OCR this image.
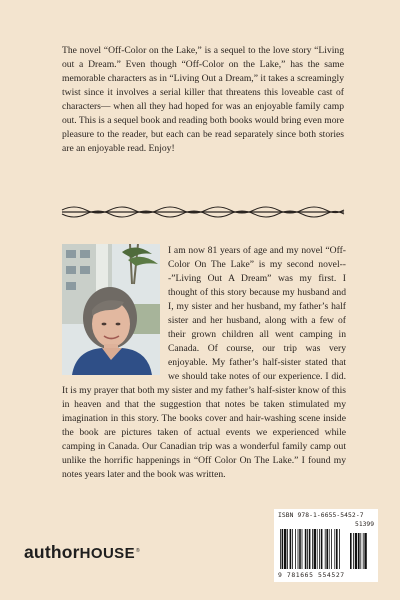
The novel “Off-Color on the Lake,” is a sequel to the love story “Living out a Dream.” Even though “Off-Color on the Lake,” has the same memorable characters as in “Living Out a Dream,” it takes a screamingly twist since it involves a serial killer that threatens this loveable cast of characters— when all they had hoped for was an enjoyable family camp out. This is a sequel book and reading both books would bring even more pleasure to the reader, but each can be read separately since both stories are an enjoyable read. Enjoy!

I am now 81 years of age and my novel “Off-Color On The Lake” is my second novel---”Living Out A Dream” was my first. I thought of this story because my husband and I, my sister and her husband, my father’s half sister and her husband, along with a few of their grown children all went camping in Canada. Of course, our trip was very enjoyable. My father’s half-sister stated that we should take notes of our experience. I did. It is my prayer that both my sister and my father’s half-sister know of this in heaven and that the suggestion that notes be taken stimulated my imagination in this story. The books cover and hair-washing scene inside the book are pictures taken of actual events we experienced while camping in Canada. Our Canadian trip was a wonderful family camp out unlike the horrific happenings in “Off Color On The Lake.” I found my notes years later and the book was written.

authorHOUSE®
ISBN 978-1-6655-5452-7
51399
9 781665 554527
